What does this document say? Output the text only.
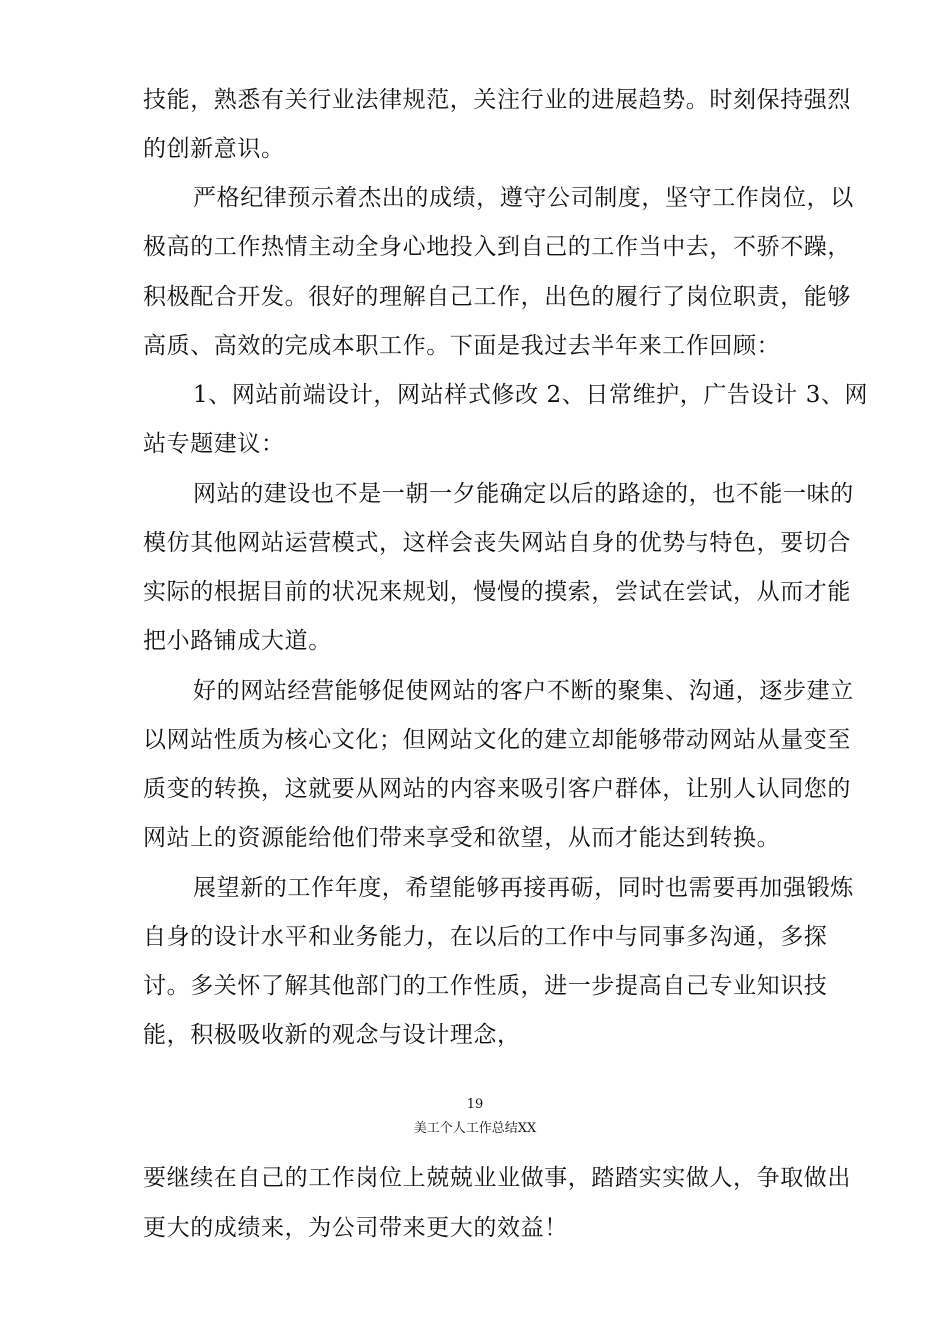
技能，熟悉有关行业法律规范，关注行业的进展趋势。时刻保持强烈
的创新意识。
严格纪律预示着杰出的成绩，遵守公司制度，坚守工作岗位，以
极高的工作热情主动全身心地投入到自己的工作当中去，不骄不躁，
积极配合开发。很好的理解自己工作，出色的履行了岗位职责，能够
高质、高效的完成本职工作。下面是我过去半年来工作回顾：
1、网站前端设计，网站样式修改 2、日常维护，广告设计 3、网
站专题建议：
网站的建设也不是一朝一夕能确定以后的路途的，也不能一味的
模仿其他网站运营模式，这样会丧失网站自身的优势与特色，要切合
实际的根据目前的状况来规划，慢慢的摸索，尝试在尝试，从而才能
把小路铺成大道。
好的网站经营能够促使网站的客户不断的聚集、沟通，逐步建立
以网站性质为核心文化；但网站文化的建立却能够带动网站从量变至
质变的转换，这就要从网站的内容来吸引客户群体，让别人认同您的
网站上的资源能给他们带来享受和欲望，从而才能达到转换。
展望新的工作年度，希望能够再接再砺，同时也需要再加强锻炼
自身的设计水平和业务能力，在以后的工作中与同事多沟通，多探
讨。多关怀了解其他部门的工作性质，进一步提高自己专业知识技
能，积极吸收新的观念与设计理念，
19
美工个人工作总结XX
要继续在自己的工作岗位上兢兢业业做事，踏踏实实做人，争取做出
更大的成绩来，为公司带来更大的效益！
